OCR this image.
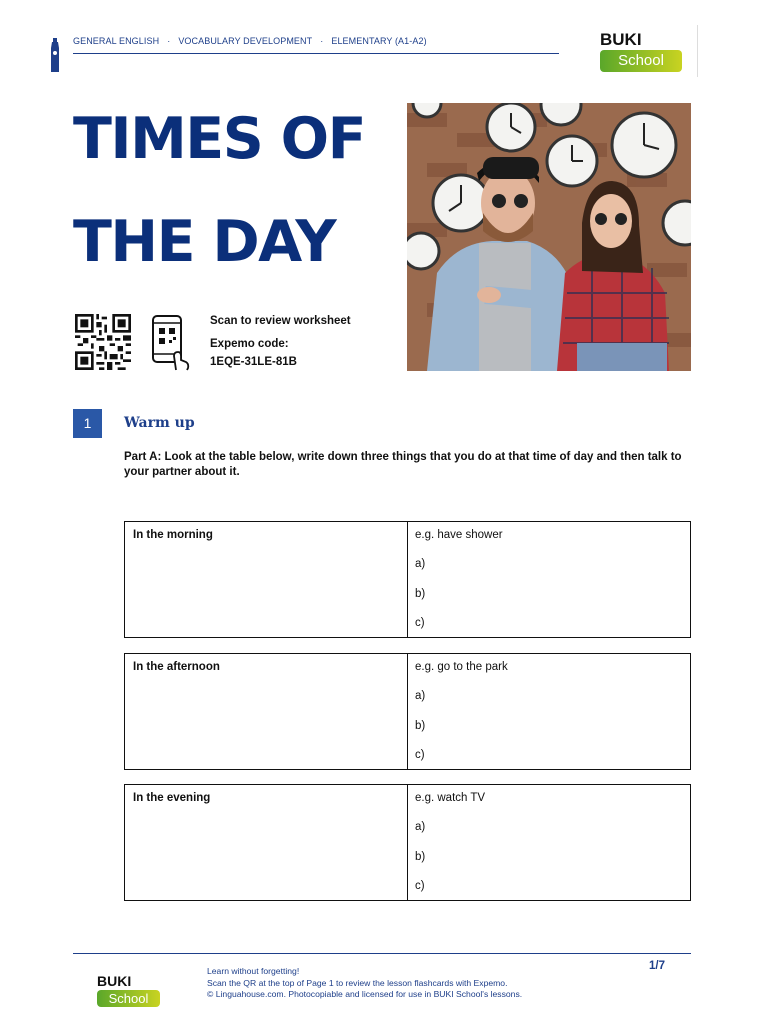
GENERAL ENGLISH · VOCABULARY DEVELOPMENT · ELEMENTARY (A1-A2)	BUKI
School
TIMES OF
THE DAY
Scan to review worksheet
Expemo code:
1EQE-31LE-81B
1	Warm up
Part A: Look at the table below, write down three things that you do at that time of day and then talk to your partner about it.
In the morning	e.g. have shower
a)
b)
c)
In the afternoon	e.g. go to the park
a)
b)
c)
In the evening	e.g. watch TV
a)
b)
c)
BUKI
School
Learn without forgetting!
Scan the QR at the top of Page 1 to review the lesson flashcards with Expemo.
© Linguahouse.com. Photocopiable and licensed for use in BUKI School's lessons.
1/7
